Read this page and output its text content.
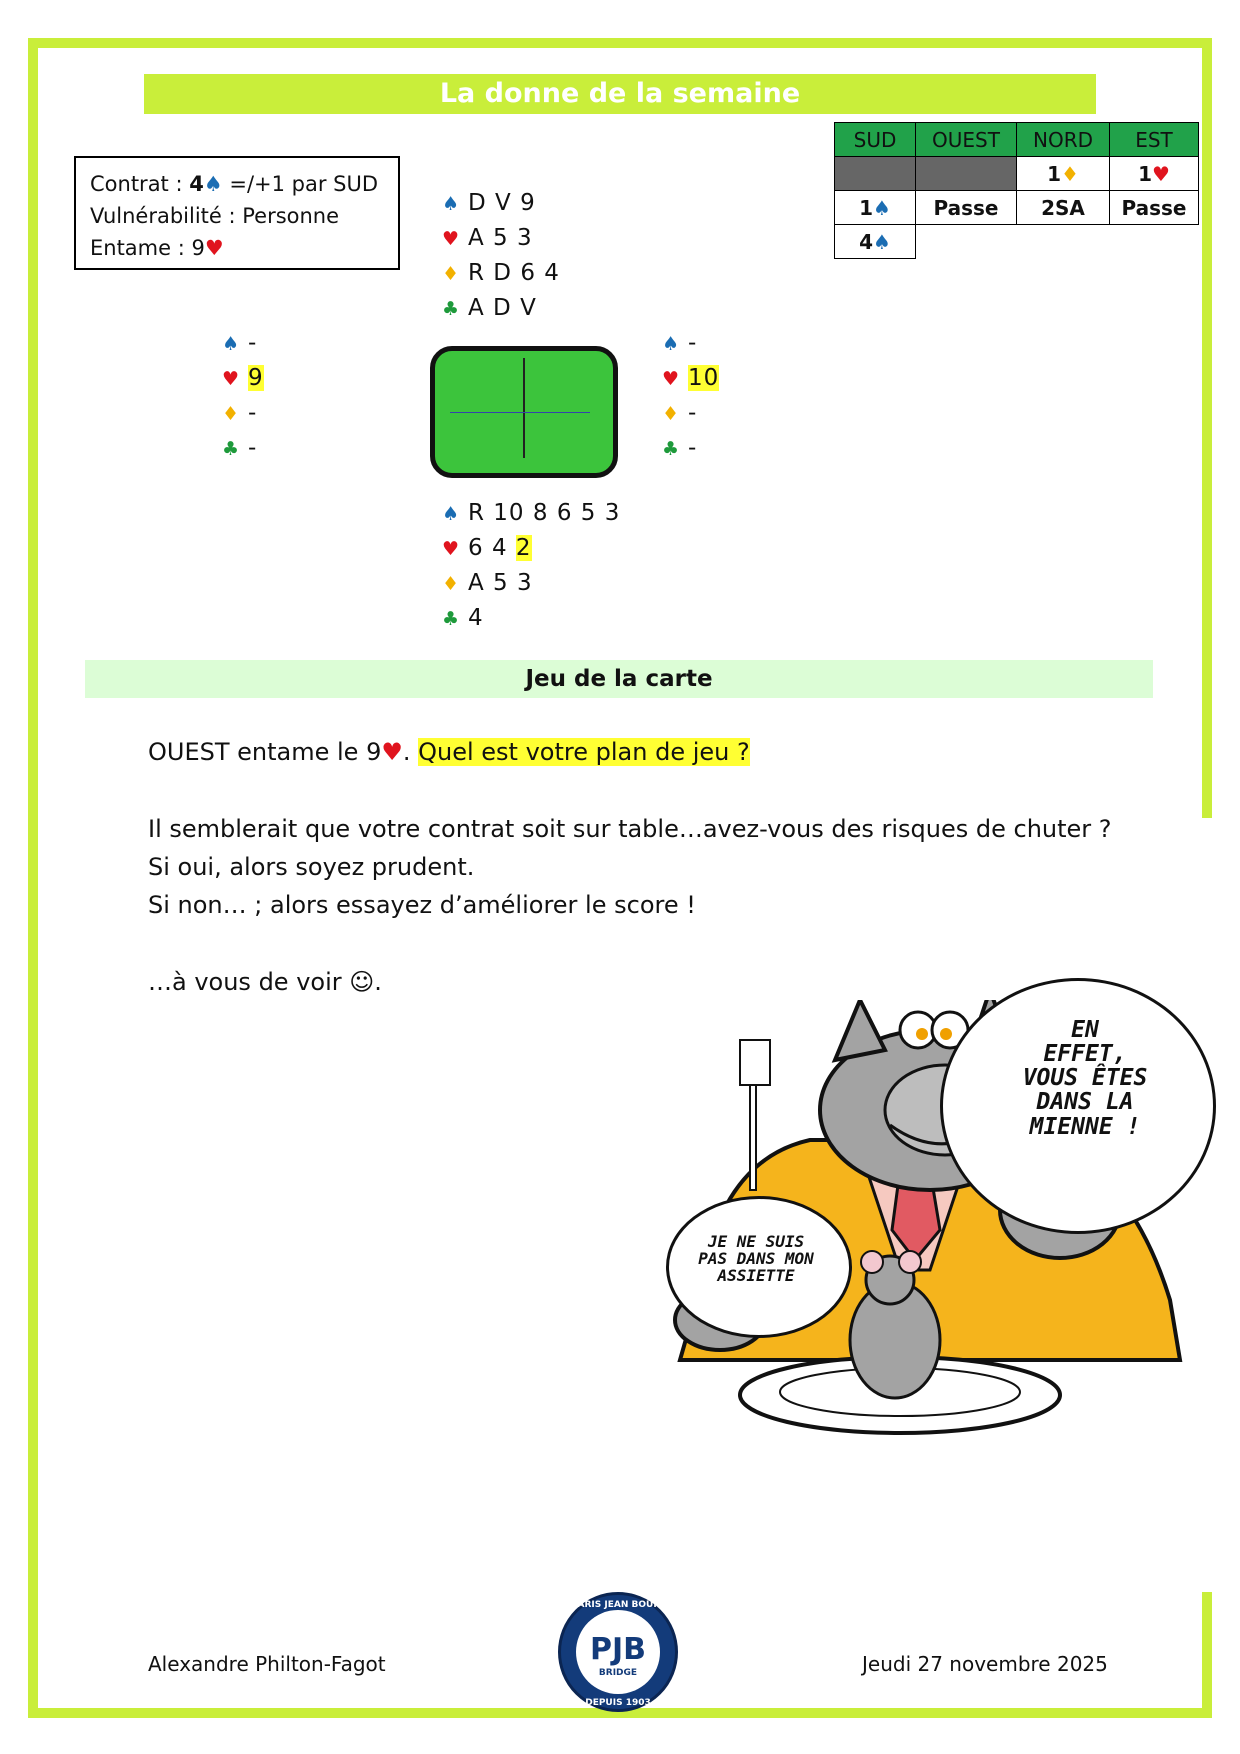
La donne de la semaine
Contrat : 4♠ =/+1 par SUD
Vulnérabilité : Personne
Entame : 9♥
♠ D V 9
♥ A 5 3
♦ R D 6 4
♣ A D V
♠ -
♥ 9
♦ -
♣ -
♠ -
♥ 10
♦ -
♣ -
♠ R 10 8 6 5 3
♥ 6 4 2
♦ A 5 3
♣ 4
SUD	OUEST	NORD	EST
		1♦	1♥
1♠	Passe	2SA	Passe
4♠			
Jeu de la carte
OUEST entame le 9♥. Quel est votre plan de jeu ?
Il semblerait que votre contrat soit sur table…avez-vous des risques de chuter ?
Si oui, alors soyez prudent.
Si non… ; alors essayez d’améliorer le score !
…à vous de voir ☺.
EN
EFFET,
VOUS ÊTES
DANS LA
MIENNE !
JE NE SUIS
PAS DANS MON
ASSIETTE
Alexandre Philton-Fagot	Jeudi 27 novembre 2025
PARIS JEAN BOUIN
PJB
BRIDGE
DEPUIS 1903
